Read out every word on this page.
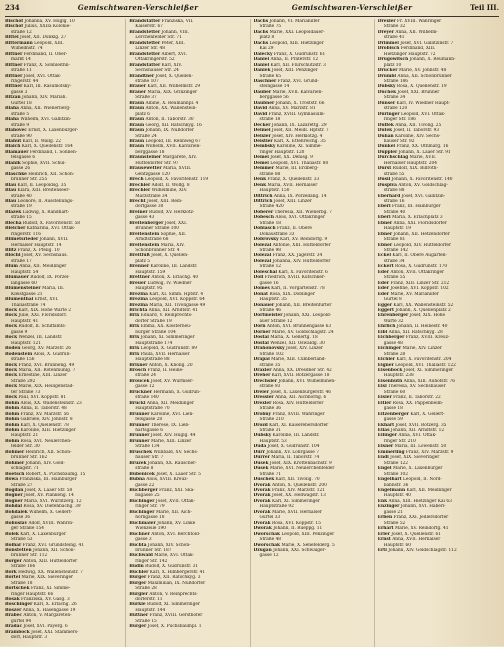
234	Gemischtwaren-Verschleißer	Gemischtwaren-Verschleißer	Teil III.
Bischof Johanna, XV. Huglg. 10
Bischof Julius, XXIIa Kolonie-
straße 12
Bittel Josef, XII. Dunklg. 27
Bittermann Leopold, XIII.
Wilhelmstr. 74
Bittner Ferdinand, II. Ober-
markt 14
Bittner Franz, X. Sonnleithn-
straße 11
Bittner Josef, XVI. Ottak-
ringerstr. 44
Bittner Karl, III. Rasumofsky-
gasse 3
Bitzan Johann, XIV. Mariah.
Gürtel 18
Blaha Anna, XII. Wienerberg-
straße 5
Blaha Wilhelm, XVI. Gallitzin-
straße 9
Blahovec Ernst, X. Laxenburger-
straße 90
Blahut Karl, II. Wallg. 22
Blaich Karl, X. Quellenstr. 164
Blamauer Ferdinand, I. Sonnen-
felsgasse 6
Blanik Sophie, XVII. Schul-
gasse 26
Blaschke Heinrich, XII. Schön-
brunner Str. 255
Blau Karl, II. Leopoldsg. 35
Blau Klara, XIII. Breitenseer-
straße 40
Blau Leonore, II. Ausstellungs-
straße 19
Blazek Ludwig, X. Randhart-
straße 15
Blecha Rudolf, X. Favoritenstr. 58
Bleicher Katharina, XVI. Ottak-
ringerstr. 116
Blimetsrieder Johann, XVII.
Hernalser Hauptstr. 14
Blitz Franz, X. Pfeilg. 10
Blöchl Josef, XV. Sechshaus.
straße 17
Blum Anna, XII. Meidlinger
Hauptstr. 54
Blumauer Rudolf, IX. Porzel-
langasse 60
Blumensteiner Maria, III.
Kleistgasse 21
Blumenthal Ernst, XVI.
Thaliastraße 74
Bock Karl, XIX. Hohe Warte 2
Bock Julie, XXI. Floridsdorf.
Hauptstr. 41
Bock Rudolf, II. Schiffamts-
gasse 9
Bock Wenzel, III. Landstr.
Hauptstr. 121
Boden Georg, XV. Märzstr. 26
Bodenstein Alois, X. Gudrun-
straße 156
Böck Franz, XVI. Brunneng. 49
Böck Maria, XII. Rotenmühlg. 7
Böck Ernestine, XIII. Linzer
Straße 292
Böck Marie, XIX. Heiligenstäd-
ter Straße 73
Böck Paul, XVI. Koppstr. 81
Böhm Alois, XX. Wallensteinstr. 23
Böhm Anna, II. Taborstr. 48
Böhm Franz, XV. Märzstr. 56
Böhm Gabriele, XIV. Johnstr. 8
Böhm Karl, X. Quellenstr. 78
Böhm Karoline, XIII. Hietzinger
Hauptstr. 21
Böhm Rosa, XVI. Neulerchen-
felder Str. 30
Böhmer Heinrich, XII. Schön-
brunner Str. 162
Böhmer Johann, XIV. Gold-
schlagstr. 71
Boetsch Robert, X. Puchsbaumg. 15
Böwa Franziska, III. Hainburger
Straße 27
Bogdan Josef, X. Laaer Str. 58
Bogner Josef, XV. Plankeng. 14
Bogner Maria, XVI. Wurlitzerg. 12
Bohdal Rosa, XV. Diefenbachg. 39
Bohdalek Wilhelm, X. Gellert-
gasse 36
Bohuslav Adolf, XVIII. Währin-
ger Straße 154
Bolek Karl, X. Laxenburger
Straße 53
Bolhar Franz, XVI. Grundsteing. 41
Bonstetten Johann, XII. Schön-
brunner Str. 112
Borger Anton, XIII. Hütteldorfer
Straße 166
Bork Hedwig, XX. Wallensteinstr. 7
Bortel Marie, XIX. Sieveringer
Straße 18
Bortschek Franz, XI. Simme-
ringer Hauptstr. 66
Bosak Franziska, XV. Gasg. 3
Boschinger Karl, X. Erlachg. 26
Boszer Anna, X. Hasengasse 19
Brabec Anton, V. Margareten-
gürtel 94
Bradac Josef, XVI. Payerg. 6
Brambock Josef, XXI. Stammers-
dorf, Hauptstr. 3
Brandstätter Franziska, VII.
Kaiserstr. 67
Brandstetter Johann, VIII.
Lerchenfelder Str. 71
Brandstetter Peter, XIII.
Linzer Str. 48
Brandstetter Albert, XVI.
Ottakringerstr. 52
Brandstätter Karl, XIV.
Sechshauser Str. 24
Brandtner Josef, X. Quellen-
straße 107
Brauer Karl, XII. Wilhelmstr. 29
Brauer Maria, XIX. Grinzinger
Straße 37
Braun Albine, X. Reumannpl. 4
Braun Anton, XX. Wallenstein-
platz 6
Braun Anton, II. Taborstr. 30
Braun Georg, XII. Ratschkyg. 16
Braun Johann, IX. Nußdorfer
Straße 24
Braun Leopold, III. Rennweg 67
Braun Wilhelm, XVII. Kalvarien-
berggasse 18
Braunsteiner Margarete, XIV.
Hütteldorfer Str. 97
Brausewetter Maria, XVIII.
Gentzgasse 120
Brech Leopold, X. Favoritenstr. 119
Brechler Adolf, II. Wolfg. 8
Brechler Wilhelmine, XIV.
Märzstraße 34
Brecht Josef, XIII. Rein-
dorfgasse 30
Breiner Rudolf, XV. Herklotz-
gasse 43
Breitenberger Josef, XXI.
Brünner Straße 100
Breitenstein Sophie, XII.
Arndtstraße 68
Breitenstein Maria, XIV.
Schönbrunner Str. 4
Breitfuß Josef, X. Quellen-
platz 5
Brenner Karoline, III. Landstr.
Hauptstr. 159
Brettner Anton, X. Erlachg. 40
Breuer Ludwig, IV. Wiedner
Hauptstr. 95
Brezina Karl, XI. Simm. Hptstr. 4
Brezina Leopold, XVI. Koppstr. 64
Brezina Maria, XII. Tivoligasse 49
Brichta Anna, XII. Arndtstr. 41
Brix Eduard, V. Reinprechts-
dorfer Straße 19
Brix Emma, XX. Klosterneu-
burger Straße 104
Brix Johann, XI. Simmeringer
Hauptstraße 174
Brix Leopold, X. Gudrunstr. 89
Brix Paula, XVII. Hernalser
Hauptstraße 88
Brixner Anton, X. Knöllg. 20
Brosch Franz, II. Heine-
straße 24
Broucek Josef, XV. Wurmser-
gasse 12
Brückner Hermann, X. Gudrun-
straße 140
Brückl Anna, XII. Meidlinger
Hauptstraße 70
Brunner Karoline, XVI. Lien-
felsgasse 28
Brunner Therese, IX. Lieb-
hartsgasse 6
Brunner Josef, XIV. Huglg. 44
Brunner Marie, XIII. Linzer
Straße 134
Bruschek Willibald, XV. Sechs-
hauser Str. 7
Bruzek Johann, XX. Rauscher-
straße 8
Bubenicek Josef, X. Laaer Str. 5
Bubna Alois, XVIII. Kreuz-
gasse 22
Buchberger Franz, XXI. Ska-
bagasse 25
Buchinger Josef, XVII. Ottak-
ringer Str. 79
Buchinger Marie, XII. Aich-
horngasse 18
Buchmaier Johann, XV. Linke
Wienzeile 190
Buchner Anton, XVI. Berchtold-
gasse 3
Buchta Johann, XIV. Schön-
brunner Str. 187
Buchwald Marie, XVI. Ottak-
ringer Str. 142
Budin Rudolf, X. Gudrunstr. 31
Büchler Karl, X. Himbergerstr. 41
Bürger Franz, XII. Ratschkyg. 3
Bürger Maximilian, IX. Nußdorfer
Straße 28
Bürgler Anton, V. Reinprechts-
dorferstr. 11
Bürkle Rudolf, XI. Simmeringer
Hauptstr. 144
Büttner Franz, XVIII. Gersthofer
Straße 15
Burger Josef, X. Puchsbaumpl. 1
Dachs Johann, VI. Mariahilfer
Straße 75
Dachs Marie, XXI. Leopoldauer-
platz 8
Dachs Leopold, XIII. Hietzinger
Kai 29
Dalecky Franz, X. Gudrunstr. 61
Daniel Anna, II. Praterstr. 12
Daniel Karl, XII. Flurschützstr. 3
Daniek Josef, XIII. Penzinger
Straße 65
Daschner Franz, XVI. Grund-
steingasse 14
Dauber Marie, XVII. Kalvarien-
berggasse 56
Daubner Johann, X. Troststr. 66
David Anna, XV. Märzstr. 81
David Franz, XVIII. Gymnasium-
straße 18
Decker Johann, IX. Lazarettg. 29
Deimel Josef, XII. Meidl. Hptstr. 7
Deixler Josef, XIV. Herklotzg. 4
Deistler Karl, X. Ettenreichg. 35
Dembsky Karoline, XI. Simme-
ringer Hauptstr. 120
Demel Josef, XX. Denisg. 9
Demel Leopold, XVI. Thaliastr. 80
Demmer Marie, III. Erdberg-
straße 88
Denk Franz, X. Quellenstr. 33
Denk Maria, XVII. Hernalser
Hauptstr. 150
Dittrich Anna, IX. Porzellang. 14
Dittrich Josef, XIII. Linzer
Straße 420
Doberer Theresia, XII. Wienerbg. 7
Dobesch Alois, XVI. Ottakringer
Straße 18
Dobiasch Franz, II. Obere
Donaustraße 33
Dobrovsky Karl, XV. Reindorfg. 9
Dolezal Antonie, XIII. Hütteldorfer
Straße 98
Dolezal Franz, XX. Jägerstr. 34
Dolezal Johanna, XIV. Hütteldorfer
Straße 12
Doleschal Karl, X. Favoritenstr. 6
Doll Friedrich, XVIII. Kutschker-
gasse 16
Domes Karl, II. Vorgartenstr. 78
Donat Rosa, XIX. Döblinger
Hauptstr. 35
Donauer Johann, XII. Breitenfurter
Straße 46
Dorfmeister Johann, XXI. Leopold-
auer Straße 12
Dorn Anton, XVI. Brunnengasse 63
Dorner Marie, XV. Goldschlagstr. 24
Dostal Maria, X. Gellertg. 18
Dostal Wenzel, XII. Oswaldg. 30
Drahonovsky Josef, XIV. Linzer
Straße 102
Drapal Marie, XIII. Cumberland-
straße 35
Draxler Anna, XX. Dresdner Str. 42
Dreher Karl, XVII. Rötzergasse 18
Drechsler Johann, XVI. Wilhelminen-
straße 93
Dreier Josef, X. Laxenburgerstr. 46
Dressler Anna, XII. Aichhorng. 6
Drexler Rosa, XIV. Hütteldorfer
Straße 36
Drobny Franz, XVIII. Währinger
Straße 210
Drozd Karl, XI. Kaiserebersdorfer
Straße 31
Dubsky Karoline, III. Landstr.
Hauptstr. 53
Duda Josef, X. Gudrunstr. 104
Dürr Johann, XV. Löhrgasse 7
Dürrer Maria, II. Taborstr. 74
Dusek Josef, XIX. Krottenbachstr. 9
Dusek Marie, XVI. Neulerchenfelder
Straße 71
Duschek Karl, XII. Tivolig. 70
Dvorak Anton, X. Quellenstr. 200
Dvorak Franz, XIV. Märzstr. 121
Dvorak Josef, XX. Hellwagstr. 13
Dvorak Karl, XI. Simmeringer
Hauptstraße 92
Dvorak Marie, XVII. Hernalser
Gürtel 33
Dvorak Rosa, XVI. Koppstr. 15
Dworak Johann, II. Rueppg. 11
Dworschak Leopold, XIII. Penzinger
Straße 48
Dworschak Marie, X. Senefelderg. 5
Dzugan Johann, XXI. Schwaiger-
gasse 12
Drexler Fr. XVIII. Währinger
Straße 32
Dreyer Anna, XII. Wilhelm-
straße 41
Drimmel Josef, XVI. Gallitzinstr. 7
Drobisch Ferdinand, XIII.
Hietzinger Hauptstr. 72
Drugowitsch Johann, X. Reumann-
platz 10
Drucker Marie, XV. Johnstr. 48
Drumbl Anna, XII. Schönbrunner
Straße 186
Dubsky Rosa, X. Quellenstr. 19
Duchek Josef, XXI. Brünner
Straße 34
Dünser Karl, IV. Wiedner Haupt-
straße 120
Düringer Leopold, XVI. Ottak-
ringer Str. 186
Duffek Anna, XII. Tivolig. 25
Dufek Josef, II. Taborstr. 93
Duhan Karoline, XIV. Sechs-
hauser Str. 92
Dunkel Franz, XX. Othmarg. 16
Duppler Johann, X. Laaer Str. 91
Durchschlag Marie, XVII.
Hernalser Hauptstr. 204
Durst Rudolf, XIX. Billroth-
straße 55
Dusil Johann, X. Favoritenstr. 140
Duspiva Anton, XV. Goldschlag-
straße 88
Eberhard Josef, XVI. Gallitzin-
straße 16
Eberl Franz, III. Hainburger
Straße 40
Eberl Maria, X. Erlachplatz 3
Ebner Anna, XXI. Floridsdorfer
Hauptstr. 19
Ebner Johann, XII. Hetzendorfer
Straße 81
Ebner Leopold, XIV. Hütteldorfer
Straße 142
Eckel Karl, II. Obere Augarten-
straße 34
Eckert Rosa, X. Gudrunstr. 170
Eder Anton, XVII. Ottakringer
Straße 55
Eder Franz, XIII. Linzer Str. 212
Eder Josefine, XVI. Koppstr. 102
Eder Marie, XV. Mariahilfer
Gürtel 8
Egger Karl, XX. Wallensteinstr. 52
Eggert Johann, X. Quellenplatz 2
Ehrenberger Josef, XIX. Hohe
Warte 32
Ehrlich Johann, II. Heinestr. 40
Eibl Anna, XII. Ratschkyg. 28
Eichberger Franz, XVIII. Kreuz-
gasse 48
Eichinger Marie, XIV. Linzer
Straße 28
Eichler Karl, X. Favoritenstr. 204
Eigner Leopold, XVI. Thaliastr. 122
Eisenbock Josef, XI. Simmeringer
Hauptstr. 238
Eisenhuth Anna, XIII. Auhofstr. 76
Eisl Theresia, XV. Sechshauser
Straße 60
Eisler Franz, II. Taborstr. 22
Eitler Rosa, XX. Pappenheim-
gasse 18
Eitzenberger Karl, X. Gellert-
gasse 59
Ekhart Josef, XVII. Rötzerg. 35
Elias Johann, XII. Arndtstr. 12
Ellinger Anna, XVI. Ottak-
ringer Str. 210
Elsner Maria, III. Löwenstr. 50
Emmerling Franz, XIV. Märzstr. 9
Endl Josef, XIX. Sieveringer
Straße 122
Engel Marie, X. Laxenburger
Straße 102
Engelhart Leopold, II. Nord-
bahnstr. 36
Engelmann Karl, XII. Meidlinger
Hauptstr. 40
Enk Anna, XIII. Hietzinger Kai 63
Enzinger Johann, XVI. Haberl-
gasse 21
Erben Franz, XXI. Jedlersdorfer
Straße 52
Erhart Marie, XV. Reindorfg. 41
Erler Josef, X. Quellenstr. 61
Ernst Anna, XVII. Hernalser
Hauptstr. 60
Ertl Johann, XIV. Goldschlagstr. 112
